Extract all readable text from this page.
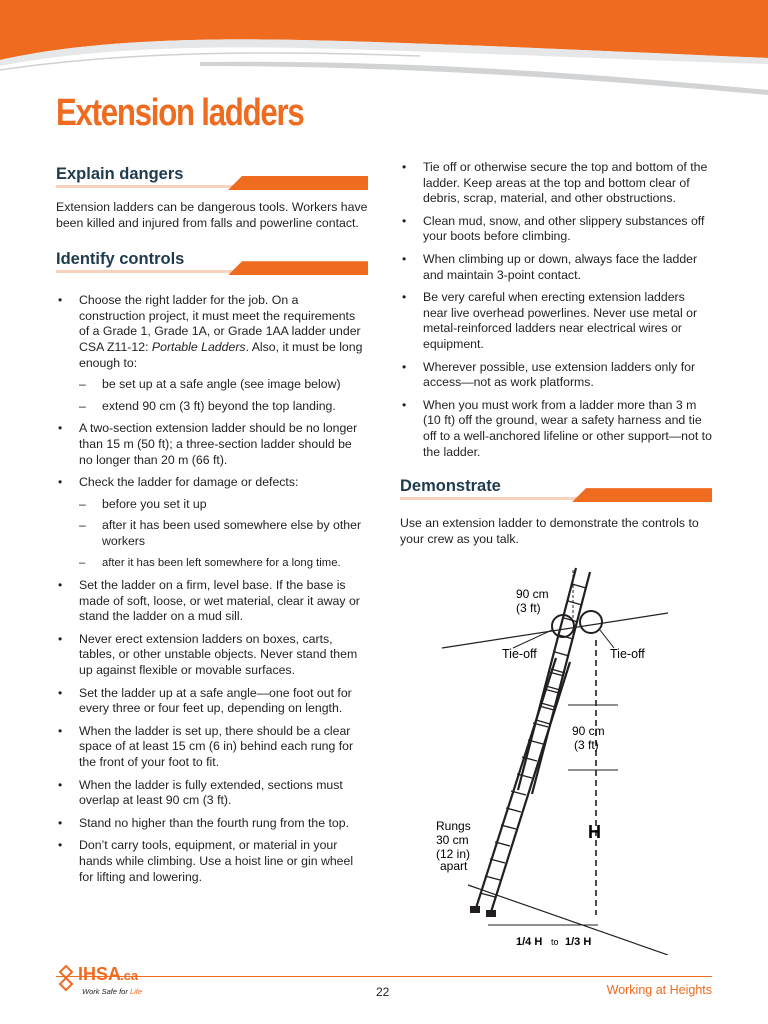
Extension ladders
Explain dangers

Extension ladders can be dangerous tools. Workers have been killed and injured from falls and powerline contact.

Identify controls
• Choose the right ladder for the job. On a construction project, it must meet the requirements of a Grade 1, Grade 1A, or Grade 1AA ladder under CSA Z11-12: Portable Ladders. Also, it must be long enough to:
– be set up at a safe angle (see image below)
– extend 90 cm (3 ft) beyond the top landing.
• A two-section extension ladder should be no longer than 15 m (50 ft); a three-section ladder should be no longer than 20 m (66 ft).
• Check the ladder for damage or defects:
– before you set it up
– after it has been used somewhere else by other workers
– after it has been left somewhere for a long time.
• Set the ladder on a firm, level base. If the base is made of soft, loose, or wet material, clear it away or stand the ladder on a mud sill.
• Never erect extension ladders on boxes, carts, tables, or other unstable objects. Never stand them up against flexible or movable surfaces.
• Set the ladder up at a safe angle—one foot out for every three or four feet up, depending on length.
• When the ladder is set up, there should be a clear space of at least 15 cm (6 in) behind each rung for the front of your foot to fit.
• When the ladder is fully extended, sections must overlap at least 90 cm (3 ft).
• Stand no higher than the fourth rung from the top.
• Don’t carry tools, equipment, or material in your hands while climbing. Use a hoist line or gin wheel for lifting and lowering.
• Tie off or otherwise secure the top and bottom of the ladder. Keep areas at the top and bottom clear of debris, scrap, material, and other obstructions.
• Clean mud, snow, and other slippery substances off your boots before climbing.
• When climbing up or down, always face the ladder and maintain 3-point contact.
• Be very careful when erecting extension ladders near live overhead powerlines. Never use metal or metal-reinforced ladders near electrical wires or equipment.
• Wherever possible, use extension ladders only for access—not as work platforms.
• When you must work from a ladder more than 3 m (10 ft) off the ground, wear a safety harness and tie off to a well-anchored lifeline or other support—not to the ladder.
Demonstrate

Use an extension ladder to demonstrate the controls to your crew as you talk.

90 cm
(3 ft)
Tie-off	Tie-off
90 cm
(3 ft)
Rungs
30 cm
(12 in)
apart
H
1/4 H to 1/3 H
IHSA
.ca
Work Safe for Life	22	Working at Heights
